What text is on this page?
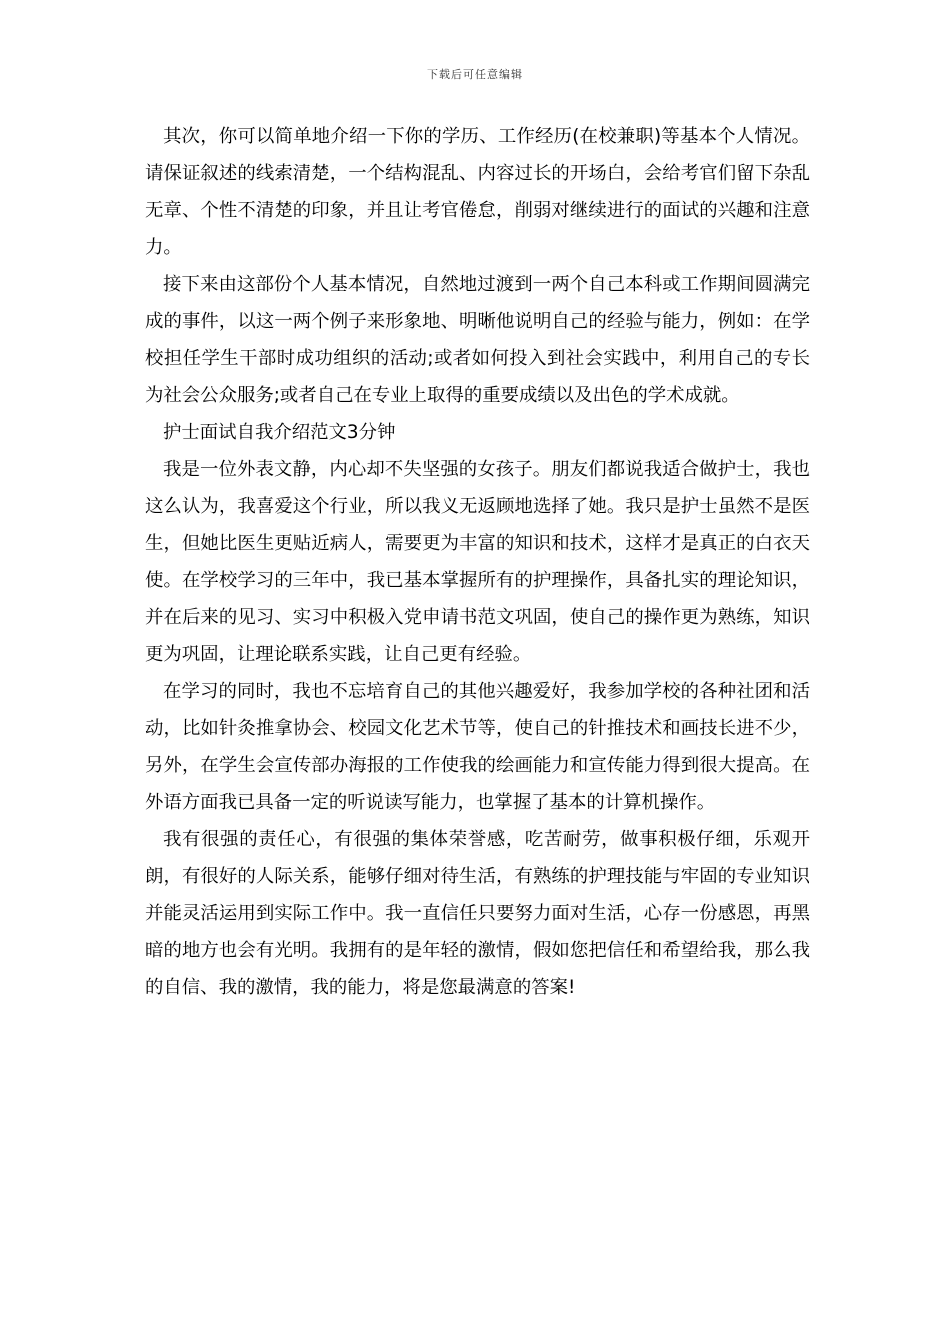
下载后可任意编辑

其次，你可以简单地介绍一下你的学历、工作经历(在校兼职)等基本个人情况。请保证叙述的线索清楚，一个结构混乱、内容过长的开场白，会给考官们留下杂乱无章、个性不清楚的印象，并且让考官倦怠，削弱对继续进行的面试的兴趣和注意力。

接下来由这部份个人基本情况，自然地过渡到一两个自己本科或工作期间圆满完成的事件，以这一两个例子来形象地、明晰他说明自己的经验与能力，例如：在学校担任学生干部时成功组织的活动;或者如何投入到社会实践中，利用自己的专长为社会公众服务;或者自己在专业上取得的重要成绩以及出色的学术成就。

护士面试自我介绍范文3分钟

我是一位外表文静，内心却不失坚强的女孩子。朋友们都说我适合做护士，我也这么认为，我喜爱这个行业，所以我义无返顾地选择了她。我只是护士虽然不是医生，但她比医生更贴近病人，需要更为丰富的知识和技术，这样才是真正的白衣天使。在学校学习的三年中，我已基本掌握所有的护理操作，具备扎实的理论知识，并在后来的见习、实习中积极入党申请书范文巩固，使自己的操作更为熟练，知识更为巩固，让理论联系实践，让自己更有经验。

在学习的同时，我也不忘培育自己的其他兴趣爱好，我参加学校的各种社团和活动，比如针灸推拿协会、校园文化艺术节等，使自己的针推技术和画技长进不少，另外，在学生会宣传部办海报的工作使我的绘画能力和宣传能力得到很大提高。在外语方面我已具备一定的听说读写能力，也掌握了基本的计算机操作。

我有很强的责任心，有很强的集体荣誉感，吃苦耐劳，做事积极仔细，乐观开朗，有很好的人际关系，能够仔细对待生活，有熟练的护理技能与牢固的专业知识并能灵活运用到实际工作中。我一直信任只要努力面对生活，心存一份感恩，再黑暗的地方也会有光明。我拥有的是年轻的激情，假如您把信任和希望给我，那么我的自信、我的激情，我的能力，将是您最满意的答案!
